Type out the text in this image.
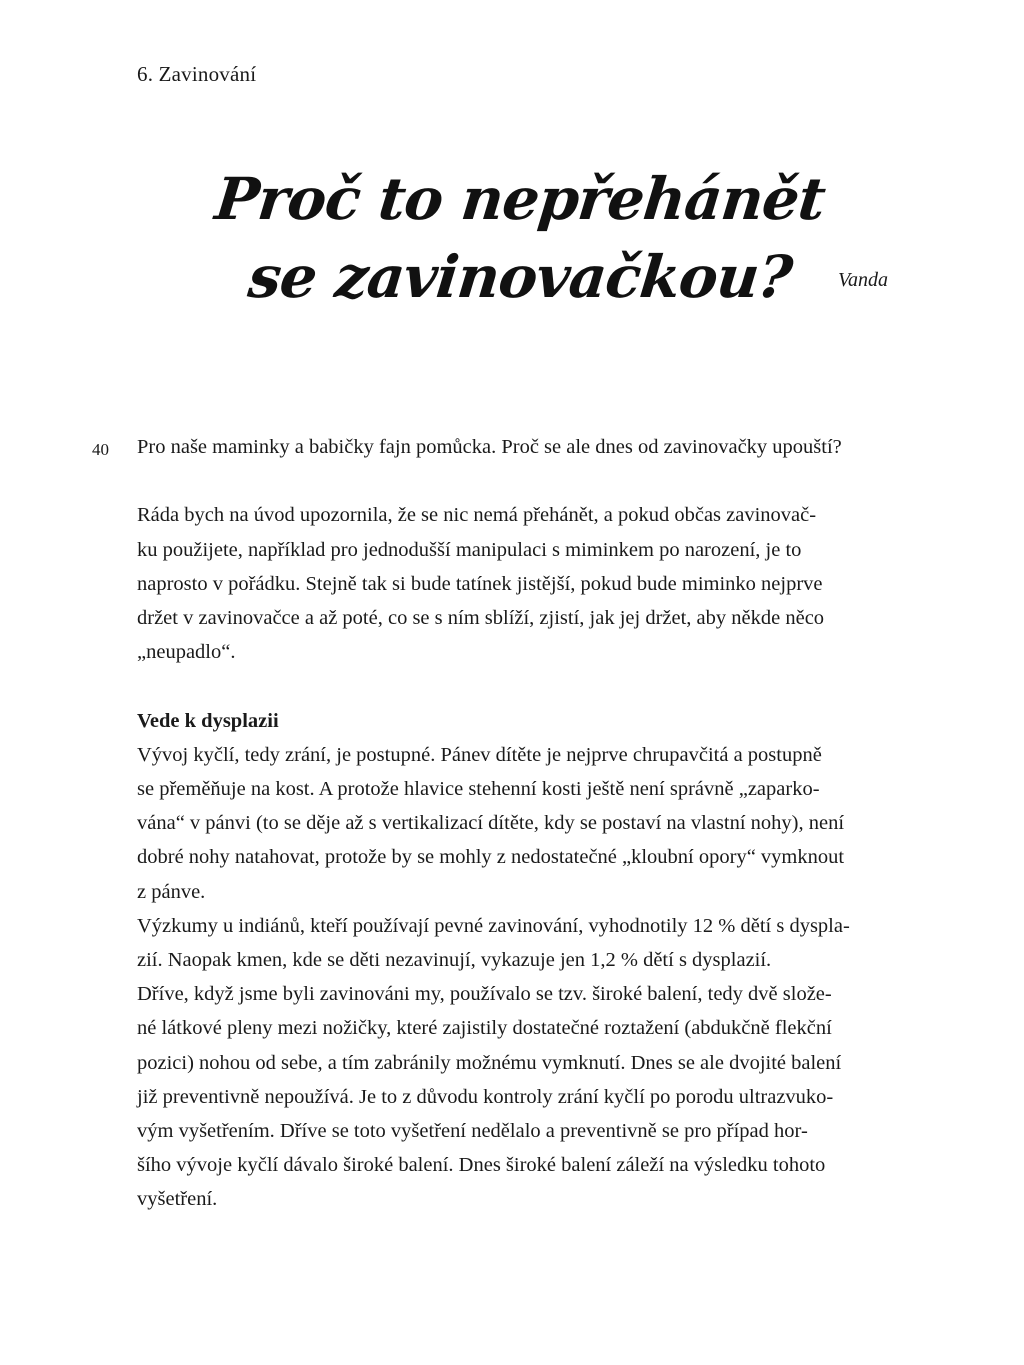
6. Zavinování
Proč to nepřehánět
se zavinovačkou?	Vanda
40 Pro naše maminky a babičky fajn pomůcka. Proč se ale dnes od zavinovačky upouští?
Ráda bych na úvod upozornila, že se nic nemá přehánět, a pokud občas zavinovač-
ku použijete, například pro jednodušší manipulaci s miminkem po narození, je to
naprosto v pořádku. Stejně tak si bude tatínek jistější, pokud bude miminko nejprve
držet v zavinovačce a až poté, co se s ním sblíží, zjistí, jak jej držet, aby někde něco
„neupadlo“.
Vede k dysplazii
Vývoj kyčlí, tedy zrání, je postupné. Pánev dítěte je nejprve chrupavčitá a postupně
se přeměňuje na kost. A protože hlavice stehenní kosti ještě není správně „zaparko-
vána“ v pánvi (to se děje až s vertikalizací dítěte, kdy se postaví na vlastní nohy), není
dobré nohy natahovat, protože by se mohly z nedostatečné „kloubní opory“ vymknout
z pánve.
Výzkumy u indiánů, kteří používají pevné zavinování, vyhodnotily 12 % dětí s dyspla-
zií. Naopak kmen, kde se děti nezavinují, vykazuje jen 1,2 % dětí s dysplazií.
Dříve, když jsme byli zavinováni my, používalo se tzv. široké balení, tedy dvě slože-
né látkové pleny mezi nožičky, které zajistily dostatečné roztažení (abdukčně flekční
pozici) nohou od sebe, a tím zabránily možnému vymknutí. Dnes se ale dvojité balení
již preventivně nepoužívá. Je to z důvodu kontroly zrání kyčlí po porodu ultrazvuko-
vým vyšetřením. Dříve se toto vyšetření nedělalo a preventivně se pro případ hor-
šího vývoje kyčlí dávalo široké balení. Dnes široké balení záleží na výsledku tohoto
vyšetření.
